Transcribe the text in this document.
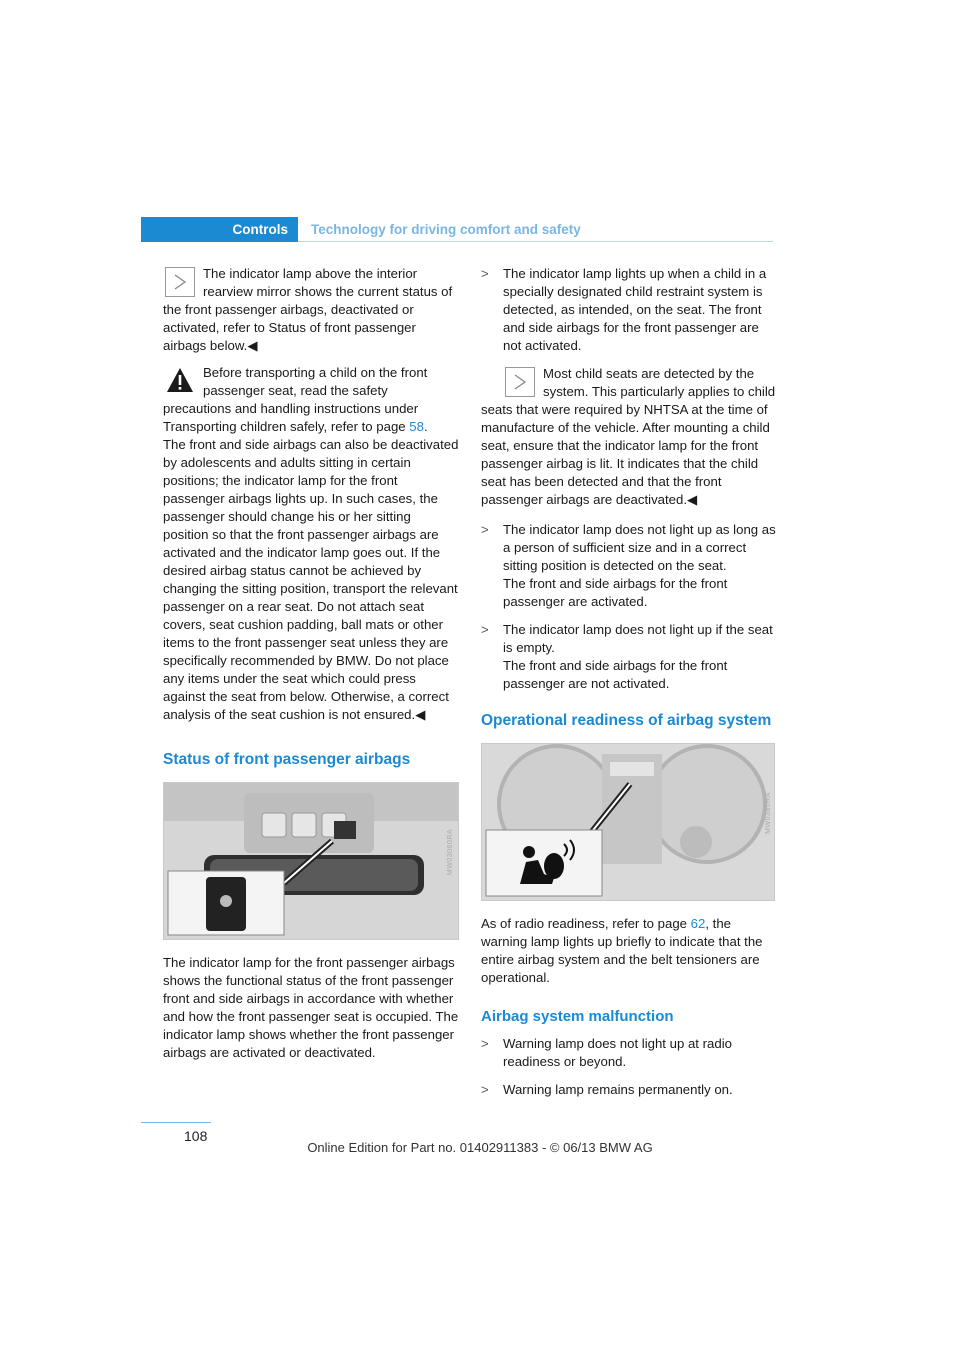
Controls	Technology for driving comfort and safety

The indicator lamp above the interior rearview mirror shows the current status of the front passenger airbags, deactivated or activated, refer to Status of front passenger airbags below.◀

Before transporting a child on the front passenger seat, read the safety precautions and handling instructions under Transporting children safely, refer to page 58.

The front and side airbags can also be deactivated by adolescents and adults sitting in certain positions; the indicator lamp for the front passenger airbags lights up. In such cases, the passenger should change his or her sitting position so that the front passenger airbags are activated and the indicator lamp goes out. If the desired airbag status cannot be achieved by changing the sitting position, transport the relevant passenger on a rear seat. Do not attach seat covers, seat cushion padding, ball mats or other items to the front passenger seat unless they are specifically recommended by BMW. Do not place any items under the seat which could press against the seat from below. Otherwise, a correct analysis of the seat cushion is not ensured.◀

Status of front passenger airbags
MW03060RA

The indicator lamp for the front passenger airbags shows the functional status of the front passenger front and side airbags in accordance with whether and how the front passenger seat is occupied. The indicator lamp shows whether the front passenger airbags are activated or deactivated.

> The indicator lamp lights up when a child in a specially designated child restraint system is detected, as intended, on the seat. The front and side airbags for the front passenger are not activated.

Most child seats are detected by the system. This particularly applies to child seats that were required by NHTSA at the time of manufacture of the vehicle. After mounting a child seat, ensure that the indicator lamp for the front passenger airbag is lit. It indicates that the child seat has been detected and that the front passenger airbags are deactivated.◀

> The indicator lamp does not light up as long as a person of sufficient size and in a correct sitting position is detected on the seat.

The front and side airbags for the front passenger are activated.

> The indicator lamp does not light up if the seat is empty.

The front and side airbags for the front passenger are not activated.

Operational readiness of airbag system
MW0360RA

As of radio readiness, refer to page 62, the warning lamp lights up briefly to indicate that the entire airbag system and the belt tensioners are operational.

Airbag system malfunction
> Warning lamp does not light up at radio readiness or beyond.

> Warning lamp remains permanently on.

108
Online Edition for Part no. 01402911383 - © 06/13 BMW AG
